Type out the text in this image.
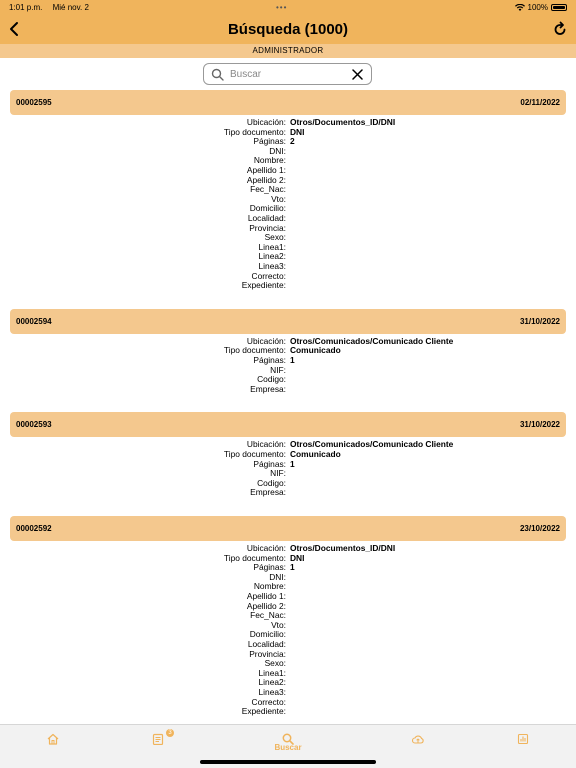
1:01 p.m. Mié nov. 2	•••	100%
Búsqueda (1000)
ADMINISTRADOR
Buscar
00002595	02/11/2022
Ubicación: Otros/Documentos_ID/DNI
Tipo documento: DNI
Páginas: 2
DNI:
Nombre:
Apellido 1:
Apellido 2:
Fec_Nac:
Vto:
Domicilio:
Localidad:
Provincia:
Sexo:
Linea1:
Linea2:
Linea3:
Correcto:
Expediente:
00002594	31/10/2022
Ubicación: Otros/Comunicados/Comunicado Cliente
Tipo documento: Comunicado
Páginas: 1
NIF:
Codigo:
Empresa:
00002593	31/10/2022
Ubicación: Otros/Comunicados/Comunicado Cliente
Tipo documento: Comunicado
Páginas: 1
NIF:
Codigo:
Empresa:
00002592	23/10/2022
Ubicación: Otros/Documentos_ID/DNI
Tipo documento: DNI
Páginas: 1
DNI:
Nombre:
Apellido 1:
Apellido 2:
Fec_Nac:
Vto:
Domicilio:
Localidad:
Provincia:
Sexo:
Linea1:
Linea2:
Linea3:
Correcto:
Expediente:
3
Buscar
